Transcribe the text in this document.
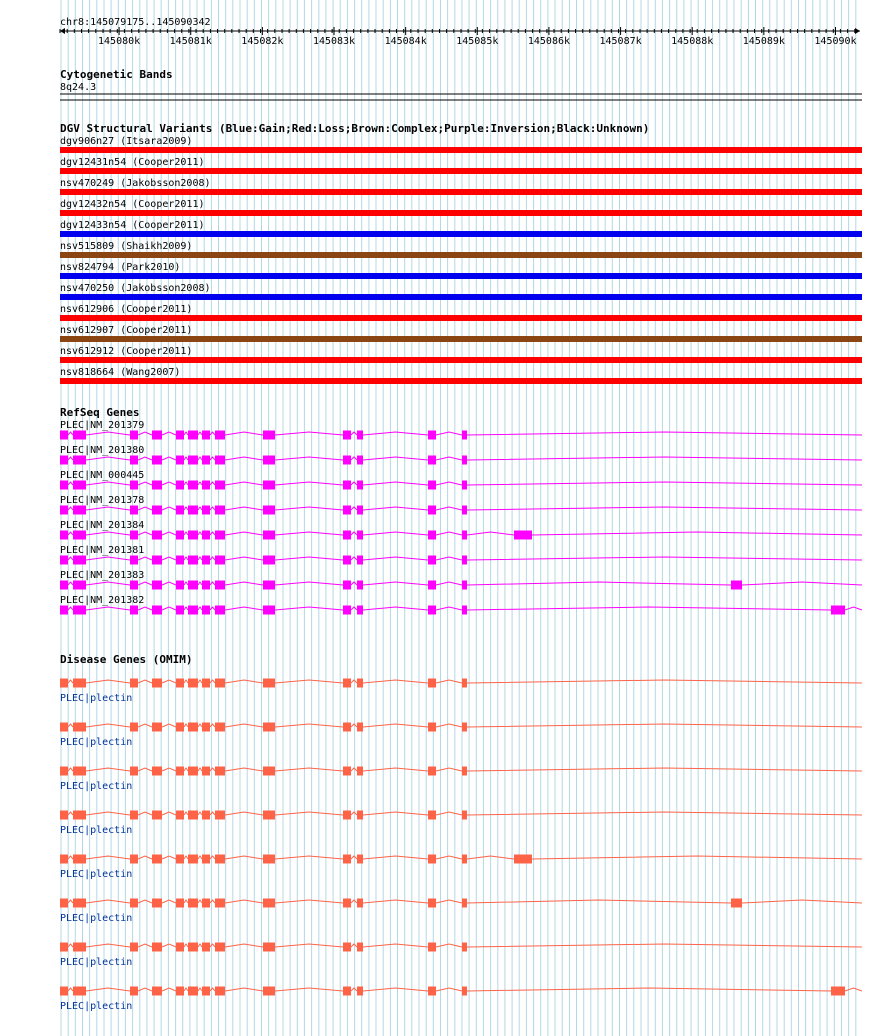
chr8:145079175..145090342
145080k	145081k	145082k	145083k	145084k	145085k	145086k	145087k	145088k	145089k	145090k
Cytogenetic Bands
8q24.3
DGV Structural Variants (Blue:Gain;Red:Loss;Brown:Complex;Purple:Inversion;Black:Unknown)
dgv906n27 (Itsara2009)
dgv12431n54 (Cooper2011)
nsv470249 (Jakobsson2008)
dgv12432n54 (Cooper2011)
dgv12433n54 (Cooper2011)
nsv515809 (Shaikh2009)
nsv824794 (Park2010)
nsv470250 (Jakobsson2008)
nsv612906 (Cooper2011)
nsv612907 (Cooper2011)
nsv612912 (Cooper2011)
nsv818664 (Wang2007)
RefSeq Genes
PLEC|NM_201379
PLEC|NM_201380
PLEC|NM_000445
PLEC|NM_201378
PLEC|NM_201384
PLEC|NM_201381
PLEC|NM_201383
PLEC|NM_201382
Disease Genes (OMIM)
PLEC|plectin
PLEC|plectin
PLEC|plectin
PLEC|plectin
PLEC|plectin
PLEC|plectin
PLEC|plectin
PLEC|plectin
